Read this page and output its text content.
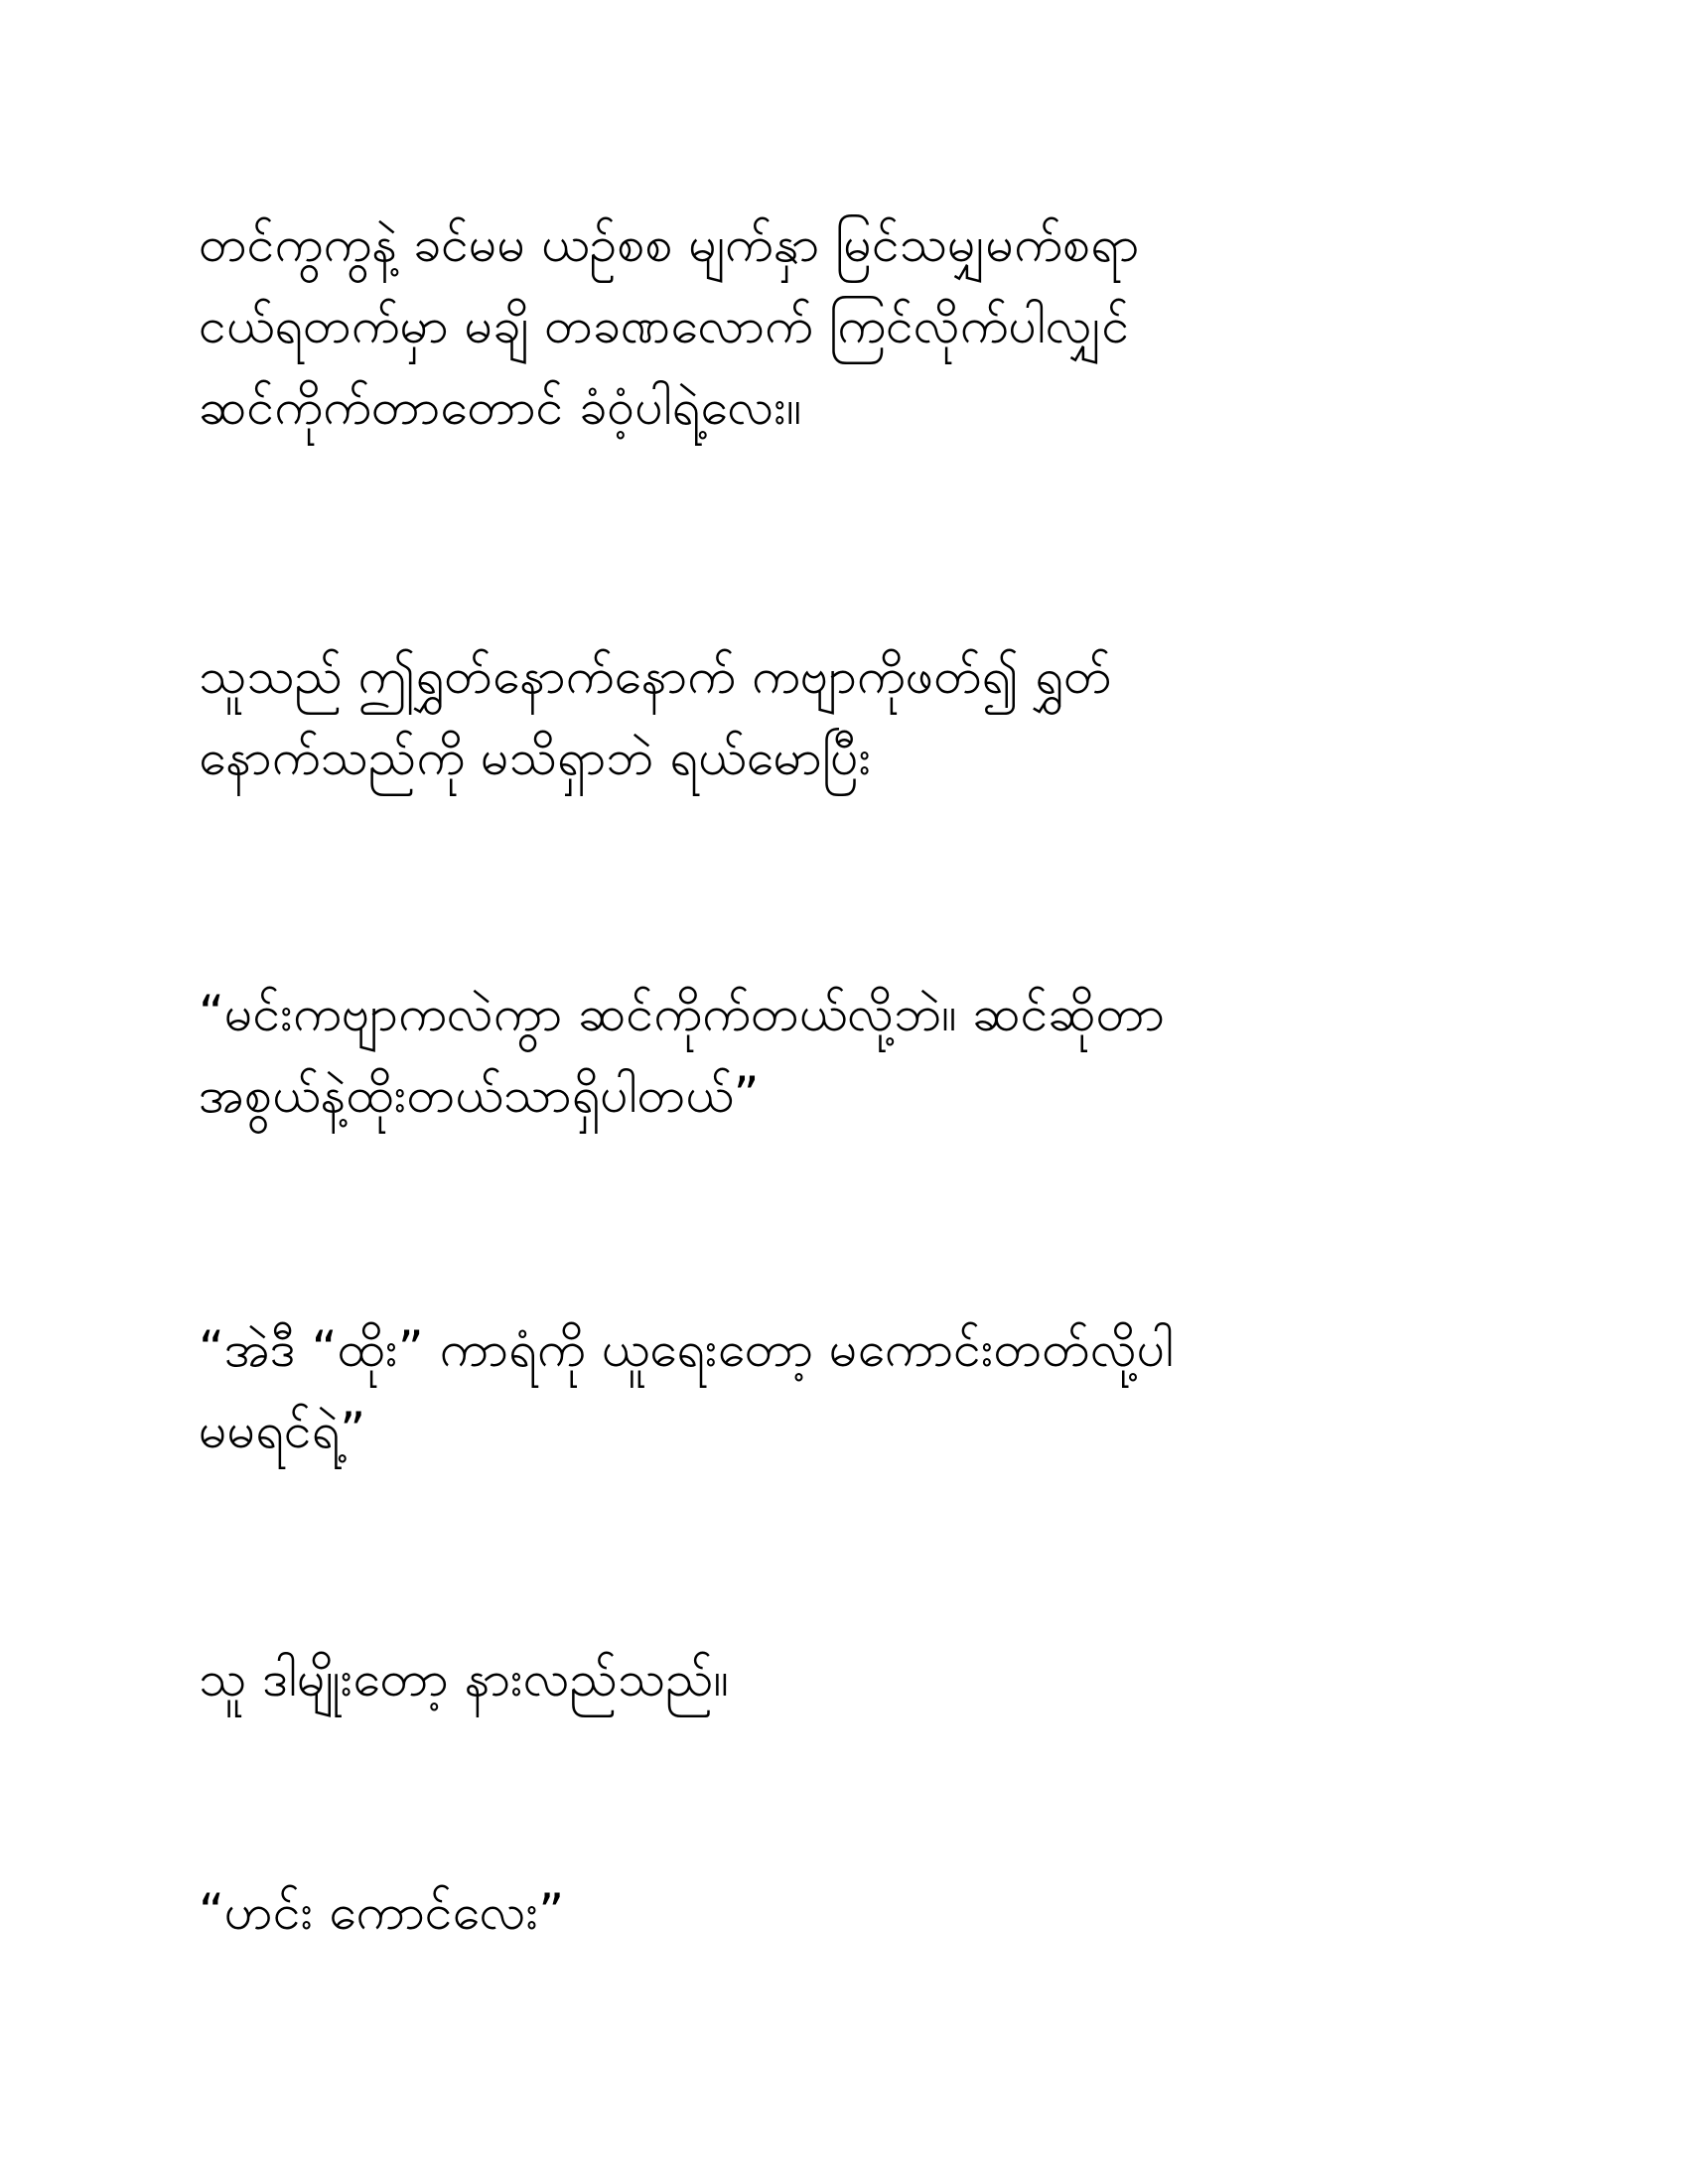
တင်ကွကွနဲ့ ခင်မမ ယဉ်စစ မျက်နှာ မြင်သမျှမက်စရာ
ငယ်ရတက်မှာ မချိ တခဏလောက် ကြင်လိုက်ပါလျှင်
ဆင်ကိုက်တာတောင် ခံဝံ့ပါရဲ့လေး။
သူသည် ဤရွှတ်နောက်နောက် ကဗျာကိုဖတ်၍ ရွှတ်
နောက်သည်ကို မသိရှာဘဲ ရယ်မောပြီး
“မင်းကဗျာကလဲကွာ ဆင်ကိုက်တယ်လို့ဘဲ။ ဆင်ဆိုတာ
အစွယ်နဲ့ထိုးတယ်သာရှိပါတယ်”
“အဲဒီ “ထိုး” ကာရံကို ယူရေးတော့ မကောင်းတတ်လို့ပါ
မမရင်ရဲ့”
သူ ဒါမျိုးတော့ နားလည်သည်။
“ဟင်း ကောင်လေး”
